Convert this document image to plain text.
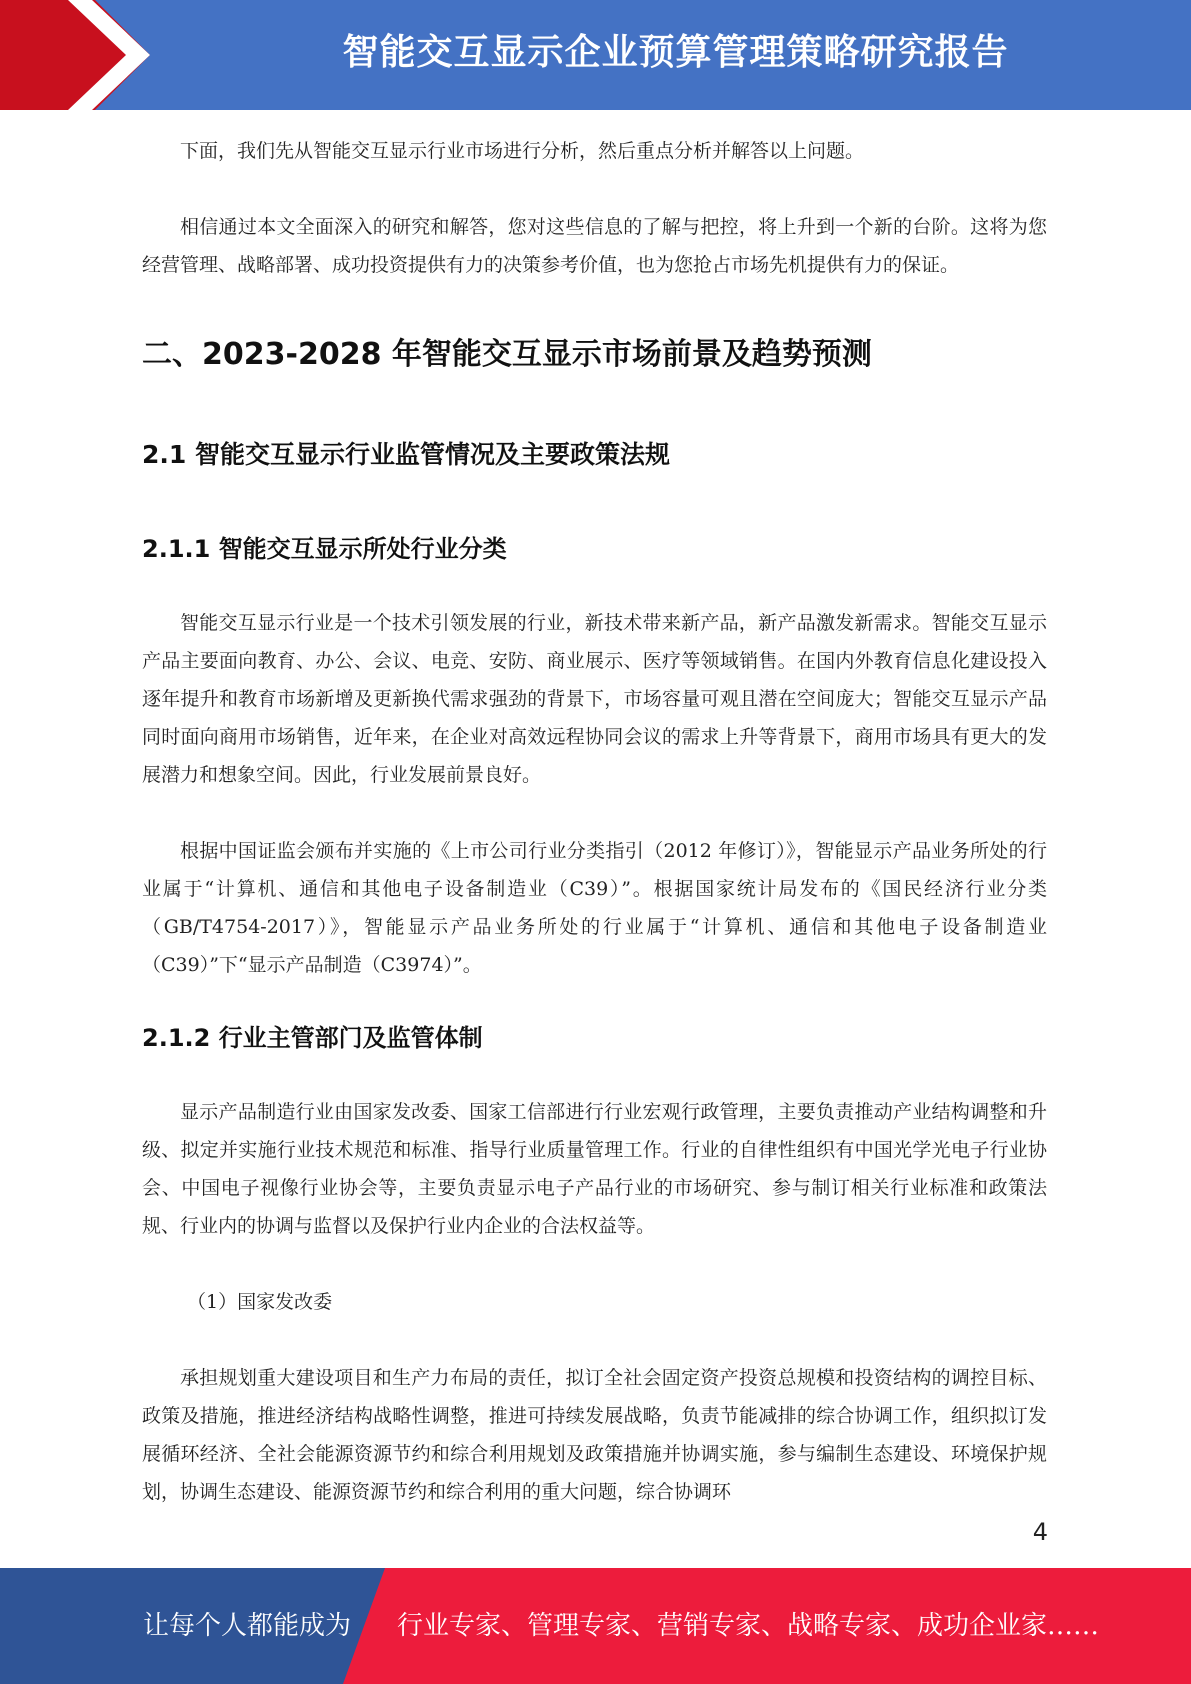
智能交互显示企业预算管理策略研究报告

下面，我们先从智能交互显示行业市场进行分析，然后重点分析并解答以上问题。

相信通过本文全面深入的研究和解答，您对这些信息的了解与把控，将上升到一个新的台阶。这将为您经营管理、战略部署、成功投资提供有力的决策参考价值，也为您抢占市场先机提供有力的保证。

二、2023-2028 年智能交互显示市场前景及趋势预测
2.1 智能交互显示行业监管情况及主要政策法规
2.1.1 智能交互显示所处行业分类

智能交互显示行业是一个技术引领发展的行业，新技术带来新产品，新产品激发新需求。智能交互显示产品主要面向教育、办公、会议、电竞、安防、商业展示、医疗等领域销售。在国内外教育信息化建设投入逐年提升和教育市场新增及更新换代需求强劲的背景下，市场容量可观且潜在空间庞大；智能交互显示产品同时面向商用市场销售，近年来，在企业对高效远程协同会议的需求上升等背景下，商用市场具有更大的发展潜力和想象空间。因此，行业发展前景良好。

根据中国证监会颁布并实施的《上市公司行业分类指引（2012 年修订）》，智能显示产品业务所处的行业属于“计算机、通信和其他电子设备制造业（C39）”。根据国家统计局发布的《国民经济行业分类（GB/T4754-2017）》，智能显示产品业务所处的行业属于“计算机、通信和其他电子设备制造业（C39）”下“显示产品制造（C3974）”。

2.1.2 行业主管部门及监管体制

显示产品制造行业由国家发改委、国家工信部进行行业宏观行政管理，主要负责推动产业结构调整和升级、拟定并实施行业技术规范和标准、指导行业质量管理工作。行业的自律性组织有中国光学光电子行业协会、中国电子视像行业协会等，主要负责显示电子产品行业的市场研究、参与制订相关行业标准和政策法规、行业内的协调与监督以及保护行业内企业的合法权益等。

（1）国家发改委

承担规划重大建设项目和生产力布局的责任，拟订全社会固定资产投资总规模和投资结构的调控目标、政策及措施，推进经济结构战略性调整，推进可持续发展战略，负责节能减排的综合协调工作，组织拟订发展循环经济、全社会能源资源节约和综合利用规划及政策措施并协调实施，参与编制生态建设、环境保护规划，协调生态建设、能源资源节约和综合利用的重大问题，综合协调环

4
让每个人都能成为 行业专家、管理专家、营销专家、战略专家、成功企业家……
